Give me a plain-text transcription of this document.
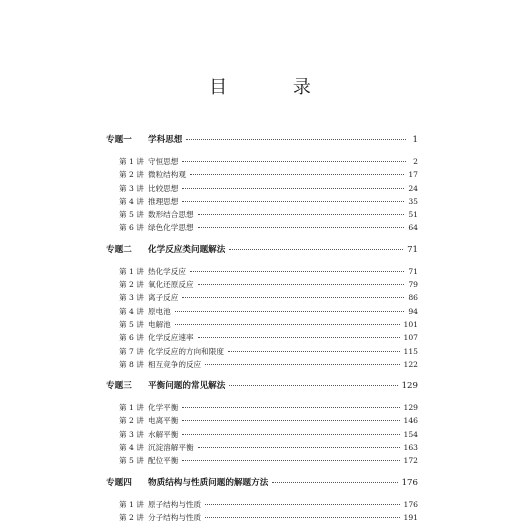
目 录
专题一	学科思想	1
第 1 讲 守恒思想	2
第 2 讲 微粒结构观	17
第 3 讲 比较思想	24
第 4 讲 推理思想	35
第 5 讲 数形结合思想	51
第 6 讲 绿色化学思想	64
专题二	化学反应类问题解法	71
第 1 讲 热化学反应	71
第 2 讲 氧化还原反应	79
第 3 讲 离子反应	86
第 4 讲 原电池	94
第 5 讲 电解池	101
第 6 讲 化学反应速率	107
第 7 讲 化学反应的方向和限度	115
第 8 讲 相互竞争的反应	122
专题三	平衡问题的常见解法	129
第 1 讲 化学平衡	129
第 2 讲 电离平衡	146
第 3 讲 水解平衡	154
第 4 讲 沉淀溶解平衡	163
第 5 讲 配位平衡	172
专题四	物质结构与性质问题的解题方法	176
第 1 讲 原子结构与性质	176
第 2 讲 分子结构与性质	191
